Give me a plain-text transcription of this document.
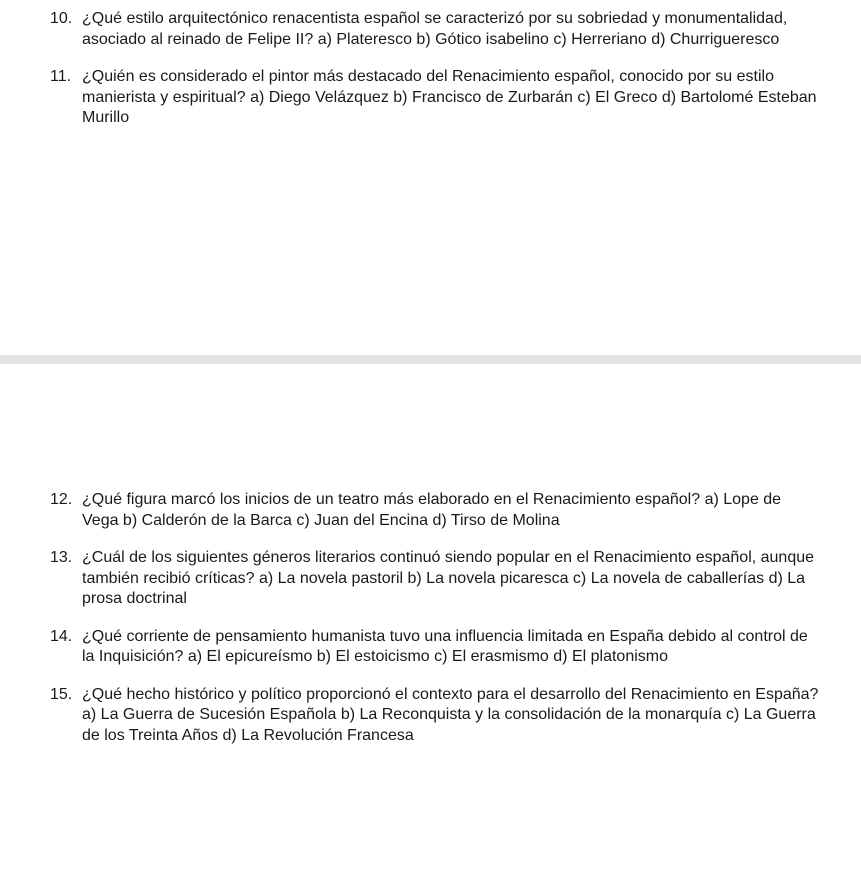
10. ¿Qué estilo arquitectónico renacentista español se caracterizó por su sobriedad y monumentalidad, asociado al reinado de Felipe II? a) Plateresco b) Gótico isabelino c) Herreriano d) Churrigueresco
11. ¿Quién es considerado el pintor más destacado del Renacimiento español, conocido por su estilo manierista y espiritual? a) Diego Velázquez b) Francisco de Zurbarán c) El Greco d) Bartolomé Esteban Murillo
12. ¿Qué figura marcó los inicios de un teatro más elaborado en el Renacimiento español? a) Lope de Vega b) Calderón de la Barca c) Juan del Encina d) Tirso de Molina
13. ¿Cuál de los siguientes géneros literarios continuó siendo popular en el Renacimiento español, aunque también recibió críticas? a) La novela pastoril b) La novela picaresca c) La novela de caballerías d) La prosa doctrinal
14. ¿Qué corriente de pensamiento humanista tuvo una influencia limitada en España debido al control de la Inquisición? a) El epicureísmo b) El estoicismo c) El erasmismo d) El platonismo
15. ¿Qué hecho histórico y político proporcionó el contexto para el desarrollo del Renacimiento en España? a) La Guerra de Sucesión Española b) La Reconquista y la consolidación de la monarquía c) La Guerra de los Treinta Años d) La Revolución Francesa
